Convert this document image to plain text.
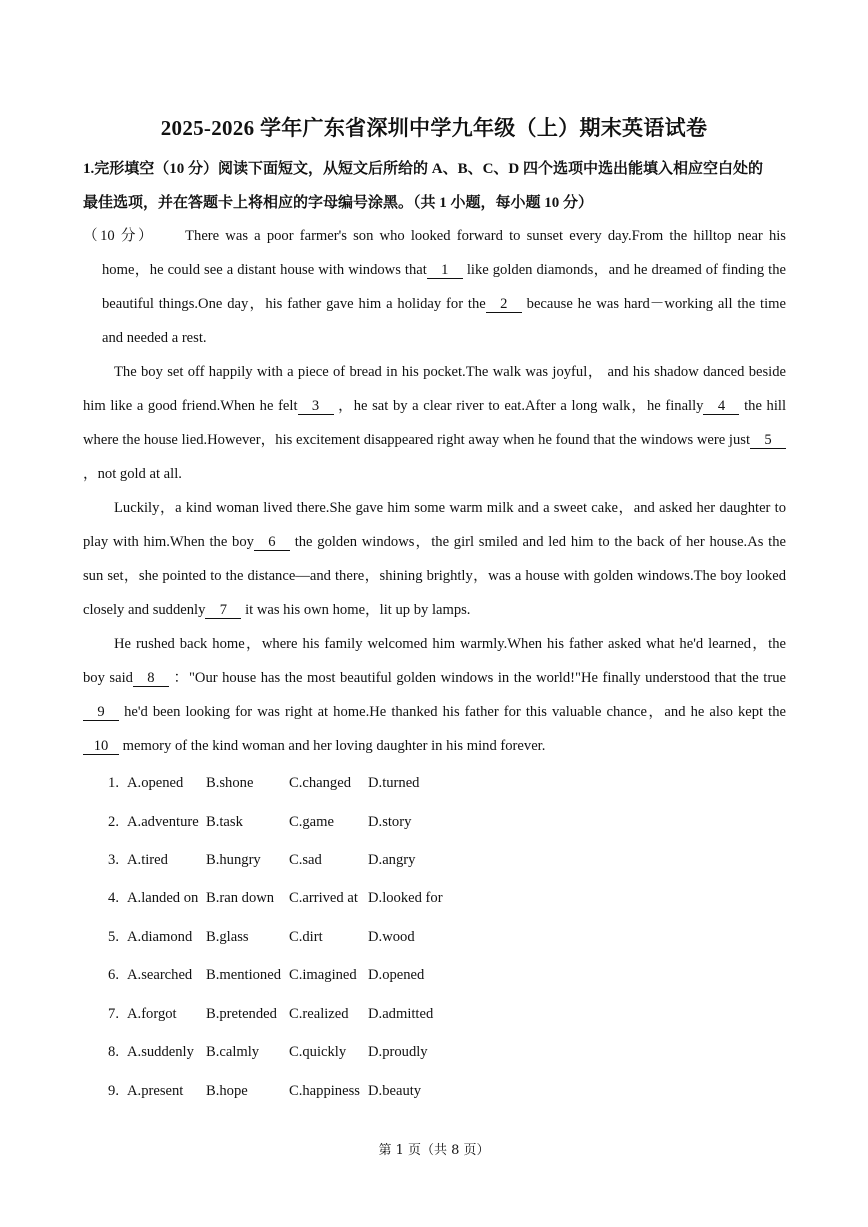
2025-2026 学年广东省深圳中学九年级（上）期末英语试卷
1.完形填空（10 分）阅读下面短文，从短文后所给的 A、B、C、D 四个选项中选出能填入相应空白处的
最佳选项，并在答题卡上将相应的字母编号涂黑。（共 1 小题，每小题 10 分）
（10 分） There was a poor farmer's son who looked forward to sunset every day.From the hilltop near his home，he could see a distant house with windows that 1 like golden diamonds，and he dreamed of finding the beautiful things.One day，his father gave him a holiday for the 2 because he was hard－working all the time and needed a rest.
The boy set off happily with a piece of bread in his pocket.The walk was joyful， and his shadow danced beside him like a good friend.When he felt 3 ，he sat by a clear river to eat.After a long walk，he finally 4 the hill where the house lied.However，his excitement disappeared right away when he found that the windows were just 5 ，not gold at all.
Luckily，a kind woman lived there.She gave him some warm milk and a sweet cake，and asked her daughter to play with him.When the boy 6 the golden windows，the girl smiled and led him to the back of her house.As the sun set，she pointed to the distance—and there，shining brightly，was a house with golden windows.The boy looked closely and suddenly 7 it was his own home，lit up by lamps.
He rushed back home，where his family welcomed him warmly.When his father asked what he'd learned，the boy said 8 ："Our house has the most beautiful golden windows in the world!"He finally understood that the true9 he'd been looking for was right at home.He thanked his father for this valuable chance，and he also kept the10 memory of the kind woman and her loving daughter in his mind forever.
1. A.opened B.shone C.changed D.turned
2. A.adventure B.task	C.game D.story
3. A.tired	B.hungry C.sad	D.angry
4. A.landed on B.ran down C.arrived at D.looked for
5. A.diamond B.glass	C.dirt	D.wood
6. A.searched B.mentioned C.imagined D.opened
7. A.forgot B.pretended C.realized D.admitted
8. A.suddenly B.calmly C.quickly D.proudly
9. A.present B.hope	C.happiness D.beauty
第 1 页（共 8 页）
